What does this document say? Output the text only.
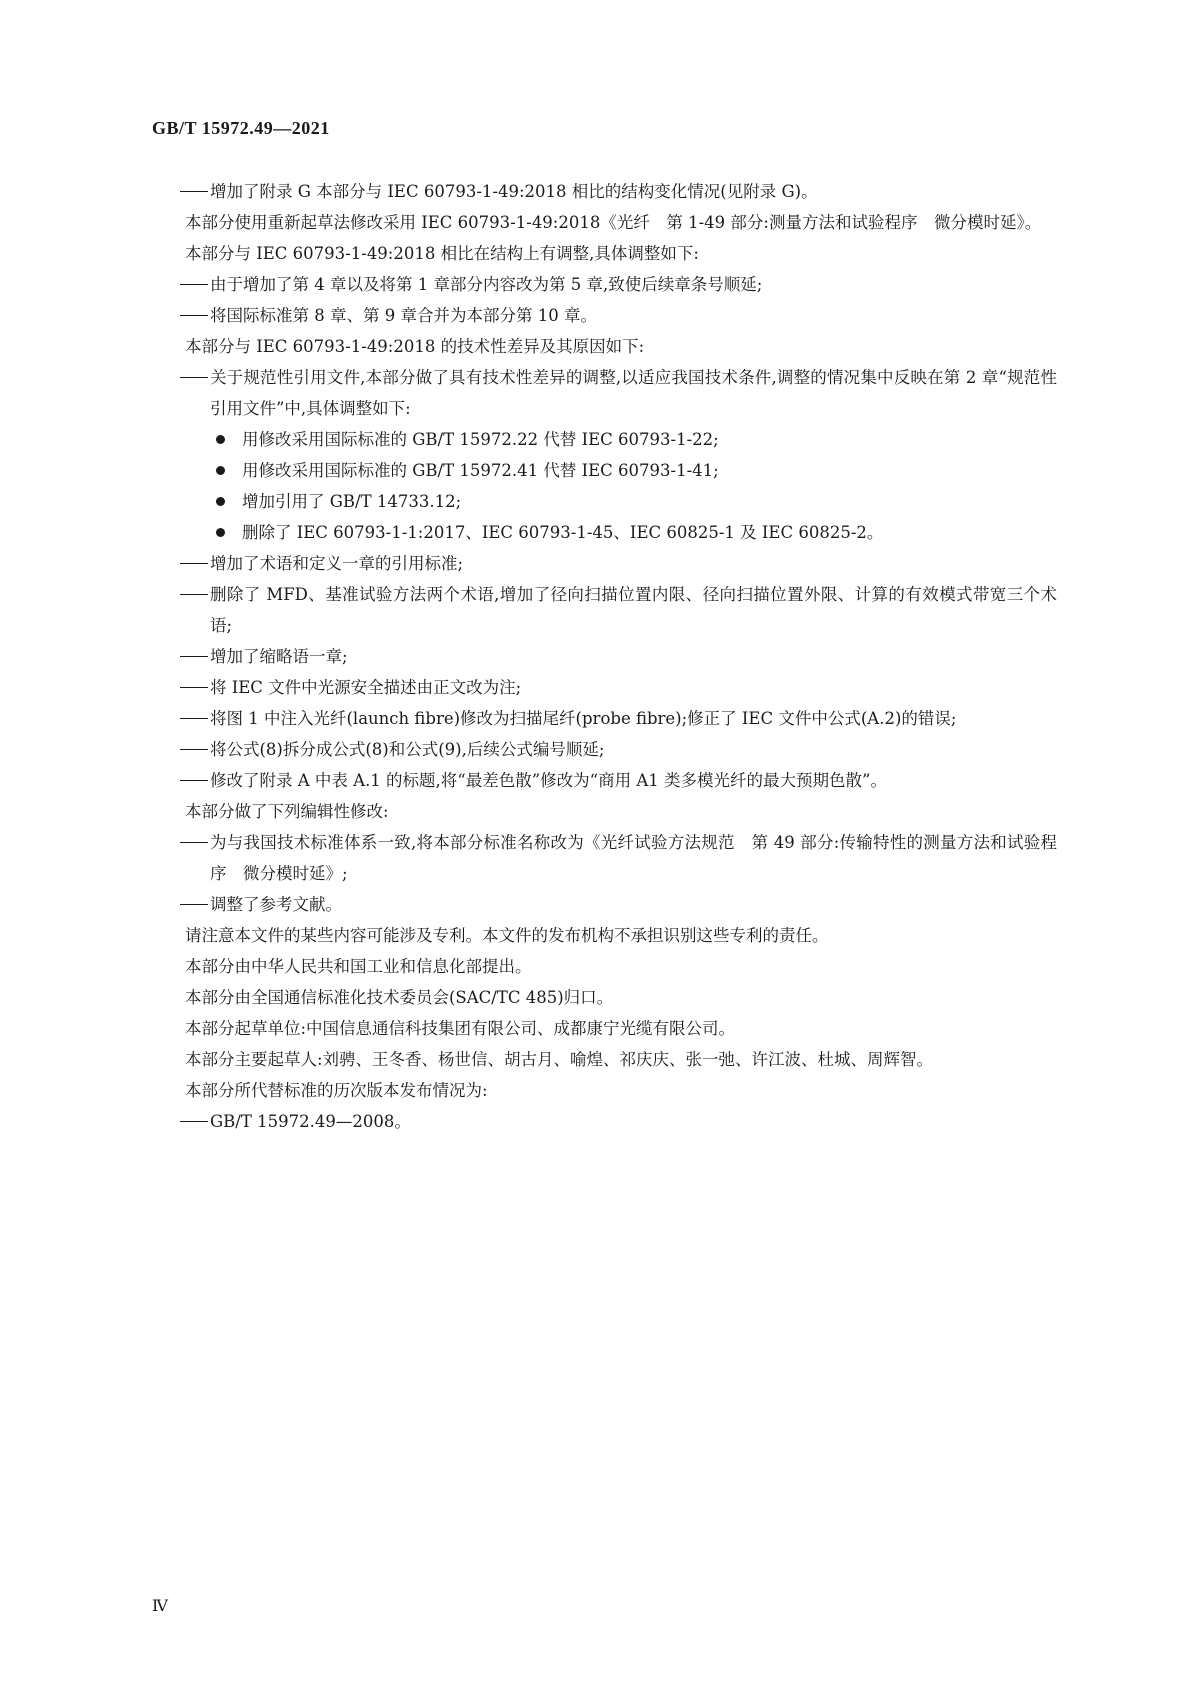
GB/T 15972.49—2021

增加了附录 G 本部分与 IEC 60793-1-49:2018 相比的结构变化情况(见附录 G)。

本部分使用重新起草法修改采用 IEC 60793-1-49:2018《光纤　第 1-49 部分:测量方法和试验程序　微分模时延》。

本部分与 IEC 60793-1-49:2018 相比在结构上有调整,具体调整如下:

由于增加了第 4 章以及将第 1 章部分内容改为第 5 章,致使后续章条号顺延;

将国际标准第 8 章、第 9 章合并为本部分第 10 章。

本部分与 IEC 60793-1-49:2018 的技术性差异及其原因如下:

关于规范性引用文件,本部分做了具有技术性差异的调整,以适应我国技术条件,调整的情况集中反映在第 2 章“规范性引用文件”中,具体调整如下:

用修改采用国际标准的 GB/T 15972.22 代替 IEC 60793-1-22;

用修改采用国际标准的 GB/T 15972.41 代替 IEC 60793-1-41;

增加引用了 GB/T 14733.12;

删除了 IEC 60793-1-1:2017、IEC 60793-1-45、IEC 60825-1 及 IEC 60825-2。

增加了术语和定义一章的引用标准;

删除了 MFD、基准试验方法两个术语,增加了径向扫描位置内限、径向扫描位置外限、计算的有效模式带宽三个术语;

增加了缩略语一章;

将 IEC 文件中光源安全描述由正文改为注;

将图 1 中注入光纤(launch fibre)修改为扫描尾纤(probe fibre);修正了 IEC 文件中公式(A.2)的错误;

将公式(8)拆分成公式(8)和公式(9),后续公式编号顺延;

修改了附录 A 中表 A.1 的标题,将“最差色散”修改为“商用 A1 类多模光纤的最大预期色散”。

本部分做了下列编辑性修改:

为与我国技术标准体系一致,将本部分标准名称改为《光纤试验方法规范　第 49 部分:传输特性的测量方法和试验程序　微分模时延》;

调整了参考文献。

请注意本文件的某些内容可能涉及专利。本文件的发布机构不承担识别这些专利的责任。

本部分由中华人民共和国工业和信息化部提出。

本部分由全国通信标准化技术委员会(SAC/TC 485)归口。

本部分起草单位:中国信息通信科技集团有限公司、成都康宁光缆有限公司。

本部分主要起草人:刘骋、王冬香、杨世信、胡古月、喻煌、祁庆庆、张一弛、许江波、杜城、周辉智。

本部分所代替标准的历次版本发布情况为:

GB/T 15972.49—2008。

Ⅳ
